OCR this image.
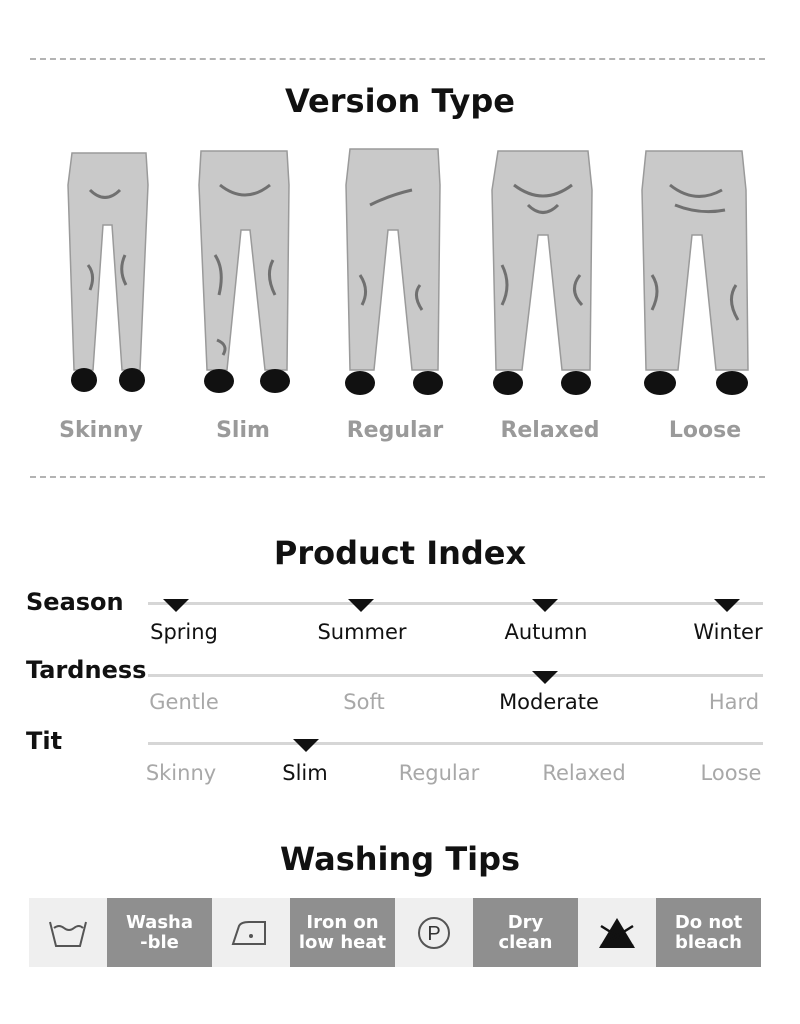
Version Type
Skinny	Slim	Regular	Relaxed	Loose
Product Index
Season
Spring	Summer	Autumn	Winter
Tardness
Gentle	Soft	Moderate	Hard
Tit
Skinny	Slim	Regular	Relaxed	Loose
Washing Tips
Washa
-ble
Iron on
low heat	P
Dry
clean
Do not
bleach
